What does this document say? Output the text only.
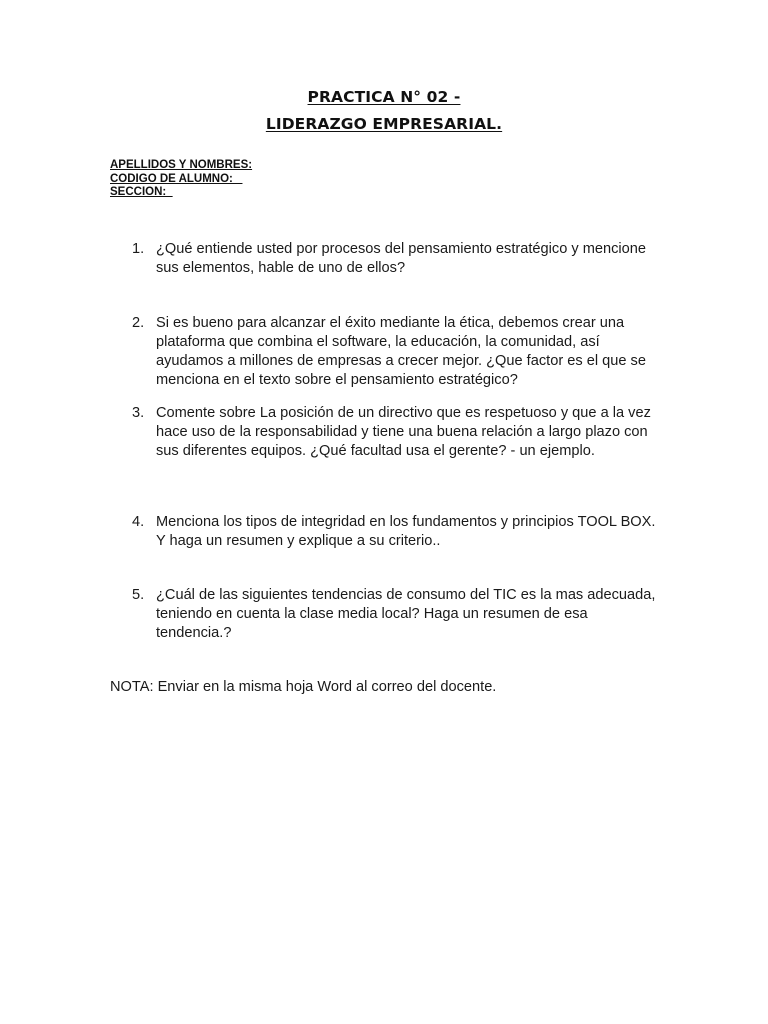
PRACTICA N° 02 -
LIDERAZGO EMPRESARIAL.
APELLIDOS Y NOMBRES:
CODIGO DE ALUMNO:
SECCION:
1. ¿Qué entiende usted por procesos del pensamiento estratégico y mencione sus elementos, hable de uno de ellos?
2. Si es bueno para alcanzar el éxito mediante la ética, debemos crear una plataforma que combina el software, la educación, la comunidad, así ayudamos a millones de empresas a crecer mejor. ¿Que factor es el que se menciona en el texto sobre el pensamiento estratégico?
3. Comente sobre La posición de un directivo que es respetuoso y que a la vez hace uso de la responsabilidad y tiene una buena relación a largo plazo con sus diferentes equipos. ¿Qué facultad usa el gerente? - un ejemplo.
4. Menciona los tipos de integridad en los fundamentos y principios TOOL BOX. Y haga un resumen y explique a su criterio..
5. ¿Cuál de las siguientes tendencias de consumo del TIC es la mas adecuada, teniendo en cuenta la clase media local? Haga un resumen de esa tendencia.?
NOTA: Enviar en la misma hoja Word al correo del docente.
